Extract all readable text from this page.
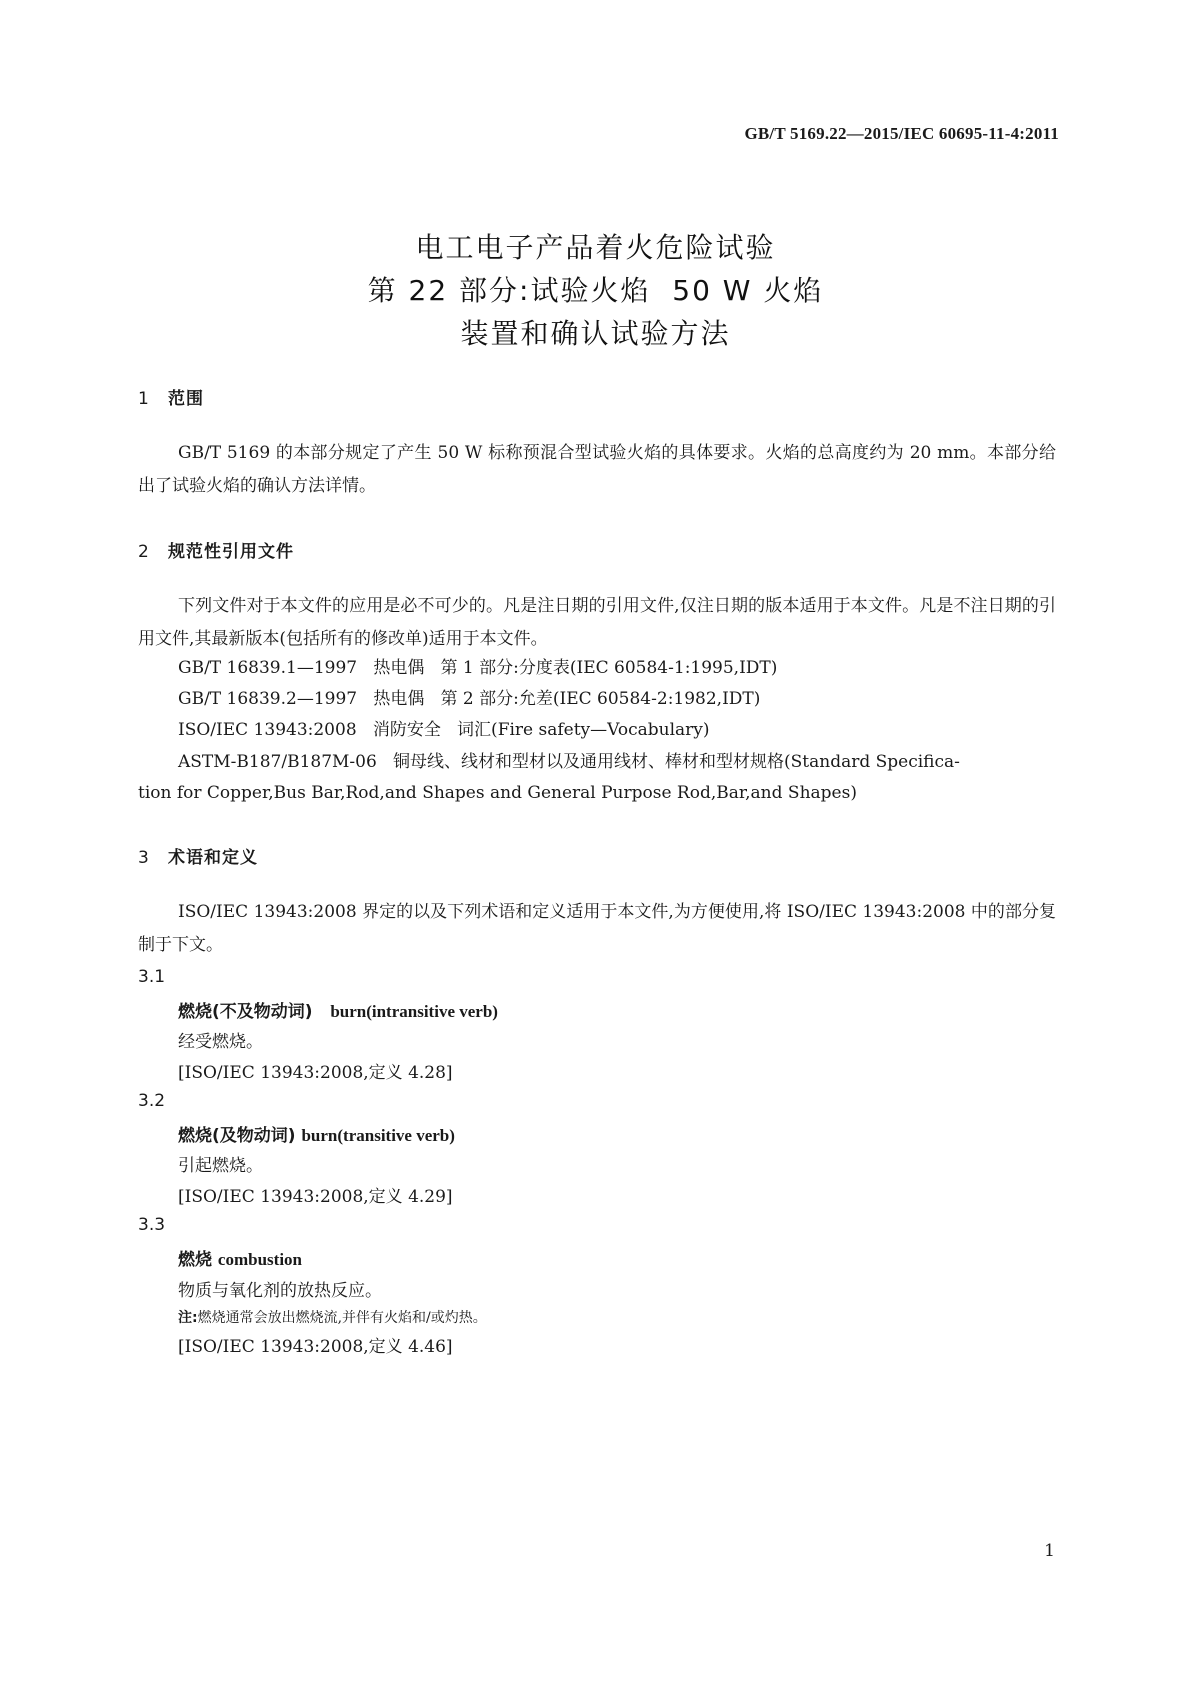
GB/T 5169.22—2015/IEC 60695-11-4:2011
电工电子产品着火危险试验
第 22 部分:试验火焰  50 W 火焰
装置和确认试验方法
1 范围
GB/T 5169 的本部分规定了产生 50 W 标称预混合型试验火焰的具体要求。火焰的总高度约为 20 mm。本部分给出了试验火焰的确认方法详情。
2 规范性引用文件
下列文件对于本文件的应用是必不可少的。凡是注日期的引用文件,仅注日期的版本适用于本文件。凡是不注日期的引用文件,其最新版本(包括所有的修改单)适用于本文件。
GB/T 16839.1—1997   热电偶   第 1 部分:分度表(IEC 60584-1:1995,IDT)
GB/T 16839.2—1997   热电偶   第 2 部分:允差(IEC 60584-2:1982,IDT)
ISO/IEC 13943:2008   消防安全   词汇(Fire safety—Vocabulary)
ASTM-B187/B187M-06   铜母线、线材和型材以及通用线材、棒材和型材规格(Standard Specifica-
tion for Copper,Bus Bar,Rod,and Shapes and General Purpose Rod,Bar,and Shapes)
3 术语和定义
ISO/IEC 13943:2008 界定的以及下列术语和定义适用于本文件,为方便使用,将 ISO/IEC 13943:2008 中的部分复制于下文。
3.1
燃烧(不及物动词) burn(intransitive verb)
经受燃烧。
[ISO/IEC 13943:2008,定义 4.28]
3.2
燃烧(及物动词) burn(transitive verb)
引起燃烧。
[ISO/IEC 13943:2008,定义 4.29]
3.3
燃烧 combustion
物质与氧化剂的放热反应。
注:燃烧通常会放出燃烧流,并伴有火焰和/或灼热。
[ISO/IEC 13943:2008,定义 4.46]
1
